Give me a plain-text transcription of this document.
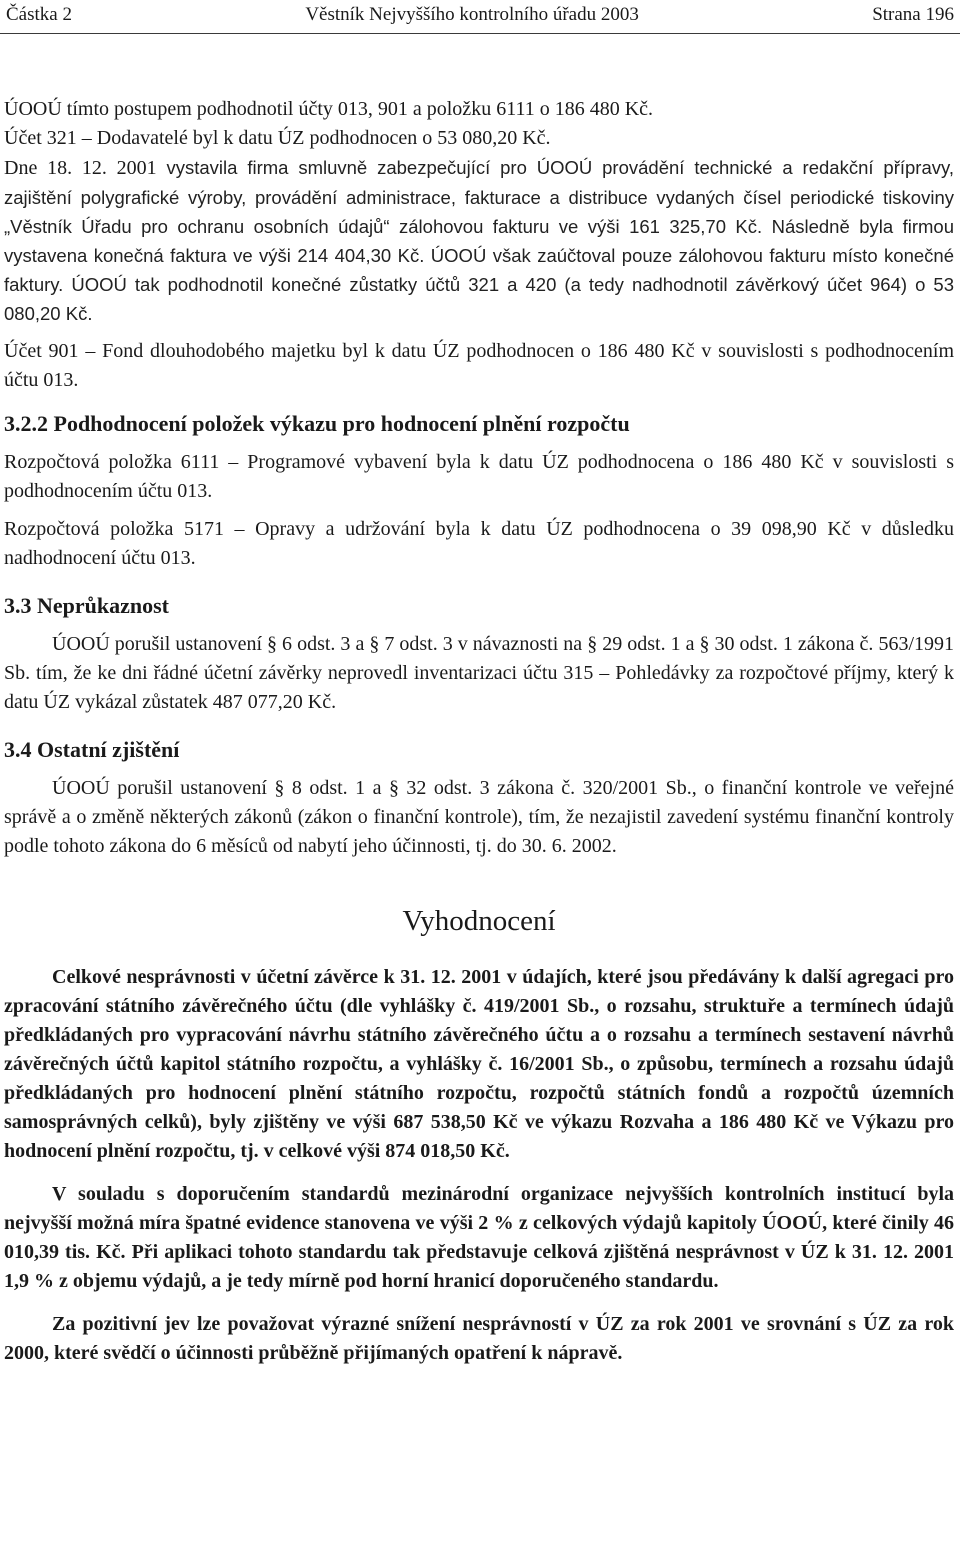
Částka 2	Věstník Nejvyššího kontrolního úřadu 2003	Strana 196

ÚOOÚ tímto postupem podhodnotil účty 013, 901 a položku 6111 o 186 480 Kč.

Účet 321 – Dodavatelé byl k datu ÚZ podhodnocen o 53 080,20 Kč.

Dne 18. 12. 2001 vystavila firma smluvně zabezpečující pro ÚOOÚ provádění technické a redakční přípravy, zajištění polygrafické výroby, provádění administrace, fakturace a distribuce vydaných čísel periodické tiskoviny „Věstník Úřadu pro ochranu osobních údajů“ zálohovou fakturu ve výši 161 325,70 Kč. Následně byla firmou vystavena konečná faktura ve výši 214 404,30 Kč. ÚOOÚ však zaúčtoval pouze zálohovou fakturu místo konečné faktury. ÚOOÚ tak podhodnotil konečné zůstatky účtů 321 a 420 (a tedy nadhodnotil závěrkový účet 964) o 53 080,20 Kč.

Účet 901 – Fond dlouhodobého majetku byl k datu ÚZ podhodnocen o 186 480 Kč v souvislosti s podhodnocením účtu 013.

3.2.2 Podhodnocení položek výkazu pro hodnocení plnění rozpočtu

Rozpočtová položka 6111 – Programové vybavení byla k datu ÚZ podhodnocena o 186 480 Kč v souvislosti s podhodnocením účtu 013.

Rozpočtová položka 5171 – Opravy a udržování byla k datu ÚZ podhodnocena o 39 098,90 Kč v důsledku nadhodnocení účtu 013.

3.3 Neprůkaznost

ÚOOÚ porušil ustanovení § 6 odst. 3 a § 7 odst. 3 v návaznosti na § 29 odst. 1 a § 30 odst. 1 zákona č. 563/1991 Sb. tím, že ke dni řádné účetní závěrky neprovedl inventarizaci účtu 315 – Pohledávky za rozpočtové příjmy, který k datu ÚZ vykázal zůstatek 487 077,20 Kč.

3.4 Ostatní zjištění

ÚOOÚ porušil ustanovení § 8 odst. 1 a § 32 odst. 3 zákona č. 320/2001 Sb., o finanční kontrole ve veřejné správě a o změně některých zákonů (zákon o finanční kontrole), tím, že nezajistil zavedení systému finanční kontroly podle tohoto zákona do 6 měsíců od nabytí jeho účinnosti, tj. do 30. 6. 2002.

Vyhodnocení

Celkové nesprávnosti v účetní závěrce k 31. 12. 2001 v údajích, které jsou předávány k další agregaci pro zpracování státního závěrečného účtu (dle vyhlášky č. 419/2001 Sb., o rozsahu, struktuře a termínech údajů předkládaných pro vypracování návrhu státního závěrečného účtu a o rozsahu a termínech sestavení návrhů závěrečných účtů kapitol státního rozpočtu, a vyhlášky č. 16/2001 Sb., o způsobu, termínech a rozsahu údajů předkládaných pro hodnocení plnění státního rozpočtu, rozpočtů státních fondů a rozpočtů územních samosprávných celků), byly zjištěny ve výši 687 538,50 Kč ve výkazu Rozvaha a 186 480 Kč ve Výkazu pro hodnocení plnění rozpočtu, tj. v celkové výši 874 018,50 Kč.

V souladu s doporučením standardů mezinárodní organizace nejvyšších kontrolních institucí byla nejvyšší možná míra špatné evidence stanovena ve výši 2 % z celkových výdajů kapitoly ÚOOÚ, které činily 46 010,39 tis. Kč. Při aplikaci tohoto standardu tak představuje celková zjištěná nesprávnost v ÚZ k 31. 12. 2001 1,9 % z objemu výdajů, a je tedy mírně pod horní hranicí doporučeného standardu.

Za pozitivní jev lze považovat výrazné snížení nesprávností v ÚZ za rok 2001 ve srovnání s ÚZ za rok 2000, které svědčí o účinnosti průběžně přijímaných opatření k nápravě.
